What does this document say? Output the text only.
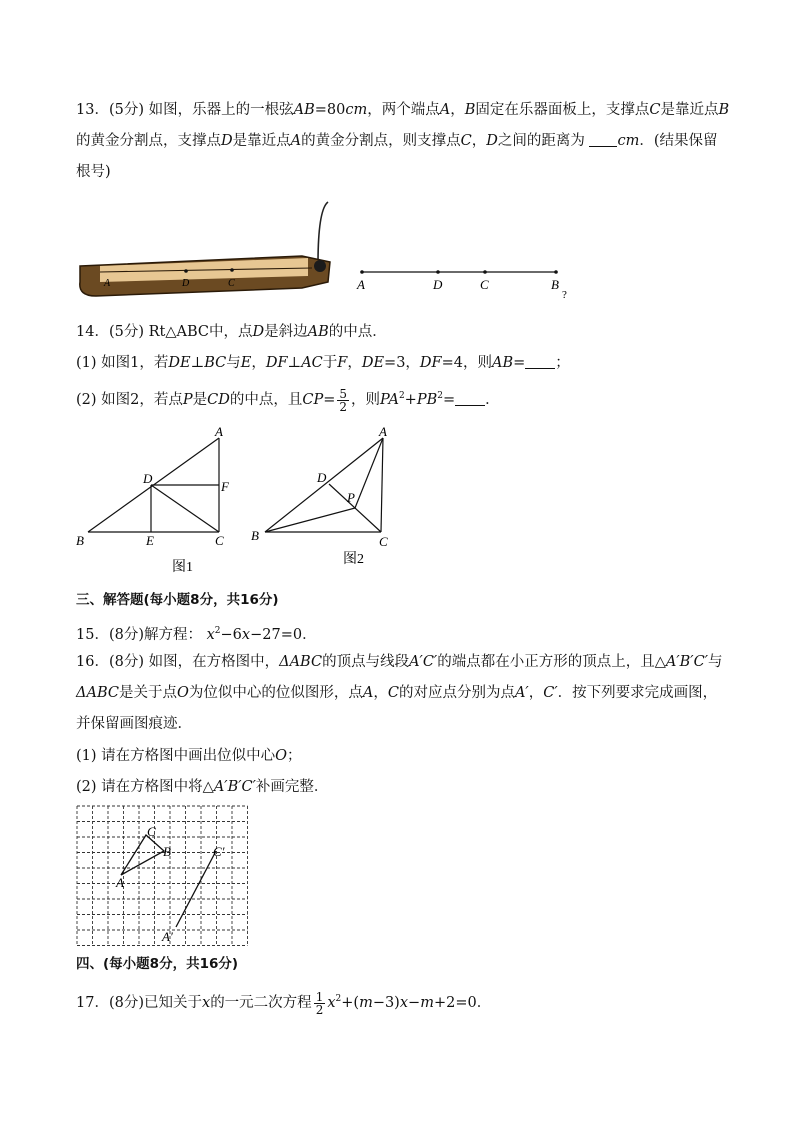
13．(5分) 如图，乐器上的一根弦AB=80cm，两个端点A，B固定在乐器面板上，支撑点C是靠近点B
的黄金分割点，支撑点D是靠近点A的黄金分割点，则支撑点C，D之间的距离为 cm．(结果保留
根号)
A	D	C	A	D	C	B
?
14．(5分) Rt△ABC中，点D是斜边AB的中点．
(1) 如图1，若DE⊥BC与E，DF⊥AC于F，DE=3，DF=4，则AB= ；
(2) 如图2，若点P是CD的中点，且$CP= \frac{5}{2}$ ，则$PA^2+PB^2=$ ．
A
D
F
B	E	C
图1
A
D
P
B	C
图2
三、解答题(每小题8分，共16分)
15．(8分)解方程： $x^2-6x-27=0$．
16．(8分) 如图，在方格图中，ΔABC的顶点与线段A′C′的端点都在小正方形的顶点上，且△A′B′C′与
ΔABC是关于点O为位似中心的位似图形，点A，C的对应点分别为点A′，C′．按下列要求完成画图，
并保留画图痕迹．
(1) 请在方格图中画出位似中心O；
(2) 请在方格图中将△A′B′C′补画完整．
C
B
A
C′
A′
四、(每小题8分，共16分)
17．(8分)已知关于x的一元二次方程 $\frac{1}{2} x^2+(m-3)x-m+2=0$．
